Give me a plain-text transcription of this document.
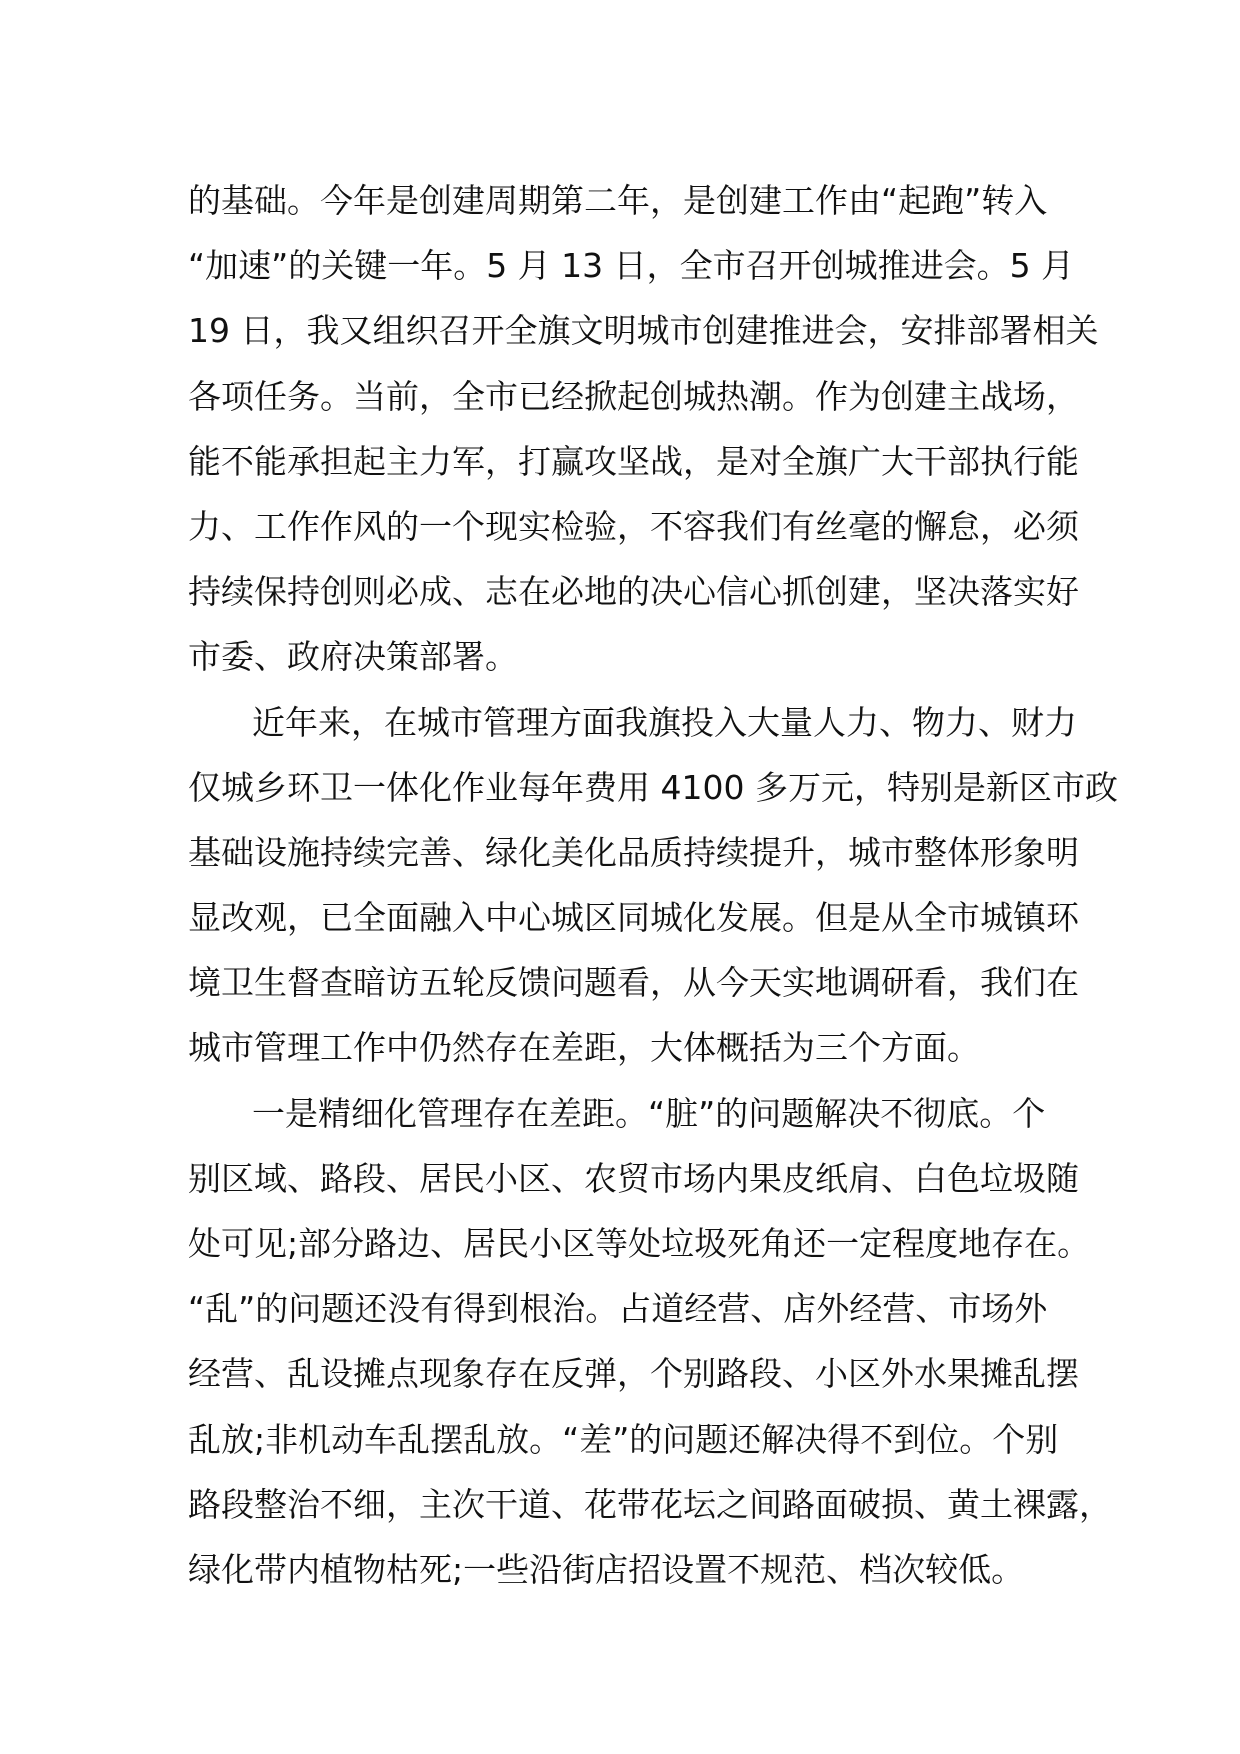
的基础。今年是创建周期第二年，是创建工作由“起跑”转入
“加速”的关键一年。5 月 13 日，全市召开创城推进会。5 月
19 日，我又组织召开全旗文明城市创建推进会，安排部署相关
各项任务。当前，全市已经掀起创城热潮。作为创建主战场，
能不能承担起主力军，打赢攻坚战，是对全旗广大干部执行能
力、工作作风的一个现实检验，不容我们有丝毫的懈怠，必须
持续保持创则必成、志在必地的决心信心抓创建，坚决落实好
市委、政府决策部署。
近年来，在城市管理方面我旗投入大量人力、物力、财力
仅城乡环卫一体化作业每年费用 4100 多万元，特别是新区市政
基础设施持续完善、绿化美化品质持续提升，城市整体形象明
显改观，已全面融入中心城区同城化发展。但是从全市城镇环
境卫生督查暗访五轮反馈问题看，从今天实地调研看，我们在
城市管理工作中仍然存在差距，大体概括为三个方面。
一是精细化管理存在差距。“脏”的问题解决不彻底。个
别区域、路段、居民小区、农贸市场内果皮纸肩、白色垃圾随
处可见;部分路边、居民小区等处垃圾死角还一定程度地存在。
“乱”的问题还没有得到根治。占道经营、店外经营、市场外
经营、乱设摊点现象存在反弹，个别路段、小区外水果摊乱摆
乱放;非机动车乱摆乱放。“差”的问题还解决得不到位。个别
路段整治不细，主次干道、花带花坛之间路面破损、黄土裸露，
绿化带内植物枯死;一些沿街店招设置不规范、档次较低。
